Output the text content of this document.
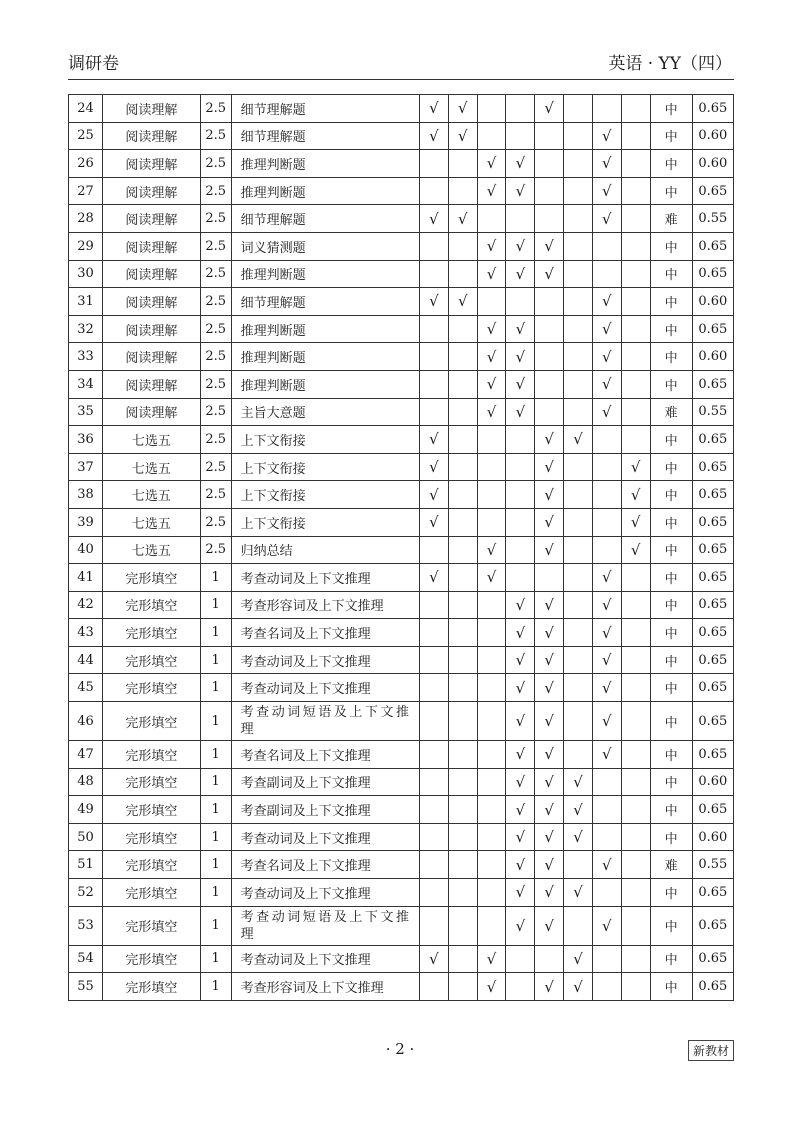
调研卷	英语 · YY（四）
24	阅读理解	2.5	细节理解题	√	√			√				中	0.65
25	阅读理解	2.5	细节理解题	√	√					√		中	0.60
26	阅读理解	2.5	推理判断题			√	√			√		中	0.60
27	阅读理解	2.5	推理判断题			√	√			√		中	0.65
28	阅读理解	2.5	细节理解题	√	√					√		难	0.55
29	阅读理解	2.5	词义猜测题			√	√	√				中	0.65
30	阅读理解	2.5	推理判断题			√	√	√				中	0.65
31	阅读理解	2.5	细节理解题	√	√					√		中	0.60
32	阅读理解	2.5	推理判断题			√	√			√		中	0.65
33	阅读理解	2.5	推理判断题			√	√			√		中	0.60
34	阅读理解	2.5	推理判断题			√	√			√		中	0.65
35	阅读理解	2.5	主旨大意题			√	√			√		难	0.55
36	七选五	2.5	上下文衔接	√				√	√			中	0.65
37	七选五	2.5	上下文衔接	√				√			√	中	0.65
38	七选五	2.5	上下文衔接	√				√			√	中	0.65
39	七选五	2.5	上下文衔接	√				√			√	中	0.65
40	七选五	2.5	归纳总结			√		√			√	中	0.65
41	完形填空	1	考查动词及上下文推理	√		√				√		中	0.65
42	完形填空	1	考查形容词及上下文推理				√	√		√		中	0.65
43	完形填空	1	考查名词及上下文推理				√	√		√		中	0.65
44	完形填空	1	考查动词及上下文推理				√	√		√		中	0.65
45	完形填空	1	考查动词及上下文推理				√	√		√		中	0.65
46	完形填空	1	考查动词短语及上下文推理				√	√		√		中	0.65
47	完形填空	1	考查名词及上下文推理				√	√		√		中	0.65
48	完形填空	1	考查副词及上下文推理				√	√	√			中	0.60
49	完形填空	1	考查副词及上下文推理				√	√	√			中	0.65
50	完形填空	1	考查动词及上下文推理				√	√	√			中	0.60
51	完形填空	1	考查名词及上下文推理				√	√		√		难	0.55
52	完形填空	1	考查动词及上下文推理				√	√	√			中	0.65
53	完形填空	1	考查动词短语及上下文推理				√	√		√		中	0.65
54	完形填空	1	考查动词及上下文推理	√		√			√			中	0.65
55	完形填空	1	考查形容词及上下文推理			√		√	√			中	0.65
· 2 ·	新教材
